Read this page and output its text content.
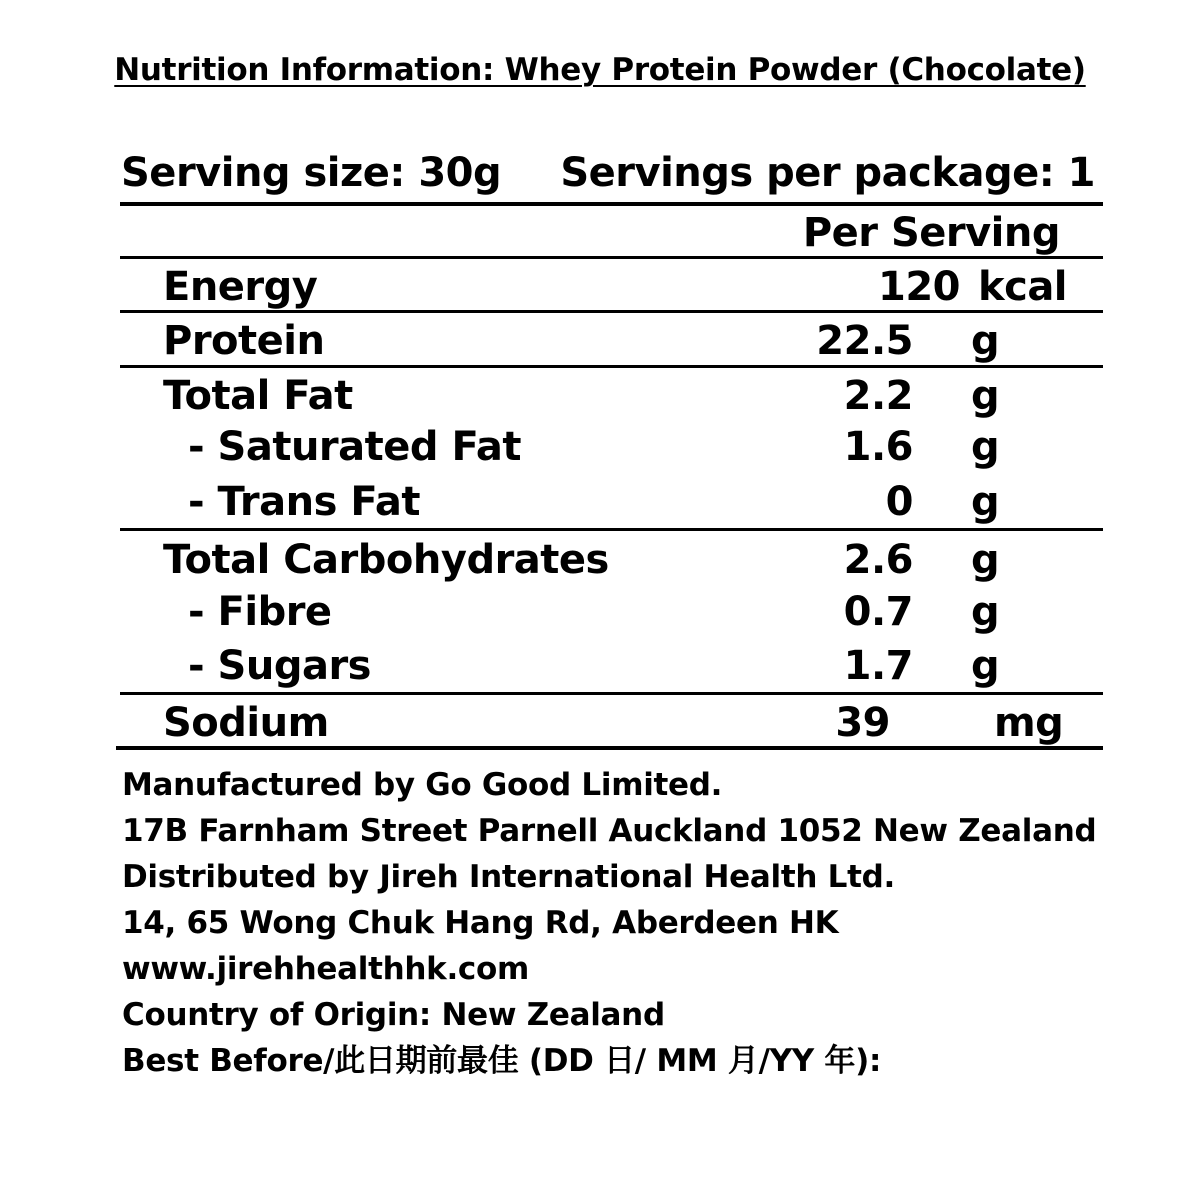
Nutrition Information: Whey Protein Powder (Chocolate)
Serving size: 30g Servings per package: 1
Per Serving
Energy	120 kcal
Protein	22.5 g
Total Fat	2.2 g
- Saturated Fat	1.6 g
- Trans Fat	0 g
Total Carbohydrates	2.6 g
- Fibre	0.7 g
- Sugars	1.7 g
Sodium	39	mg
Manufactured by Go Good Limited.
17B Farnham Street Parnell Auckland 1052 New Zealand
Distributed by Jireh International Health Ltd.
14, 65 Wong Chuk Hang Rd, Aberdeen HK
www.jirehhealthhk.com
Country of Origin: New Zealand
Best Before/此日期前最佳 (DD 日/ MM 月/YY 年):
